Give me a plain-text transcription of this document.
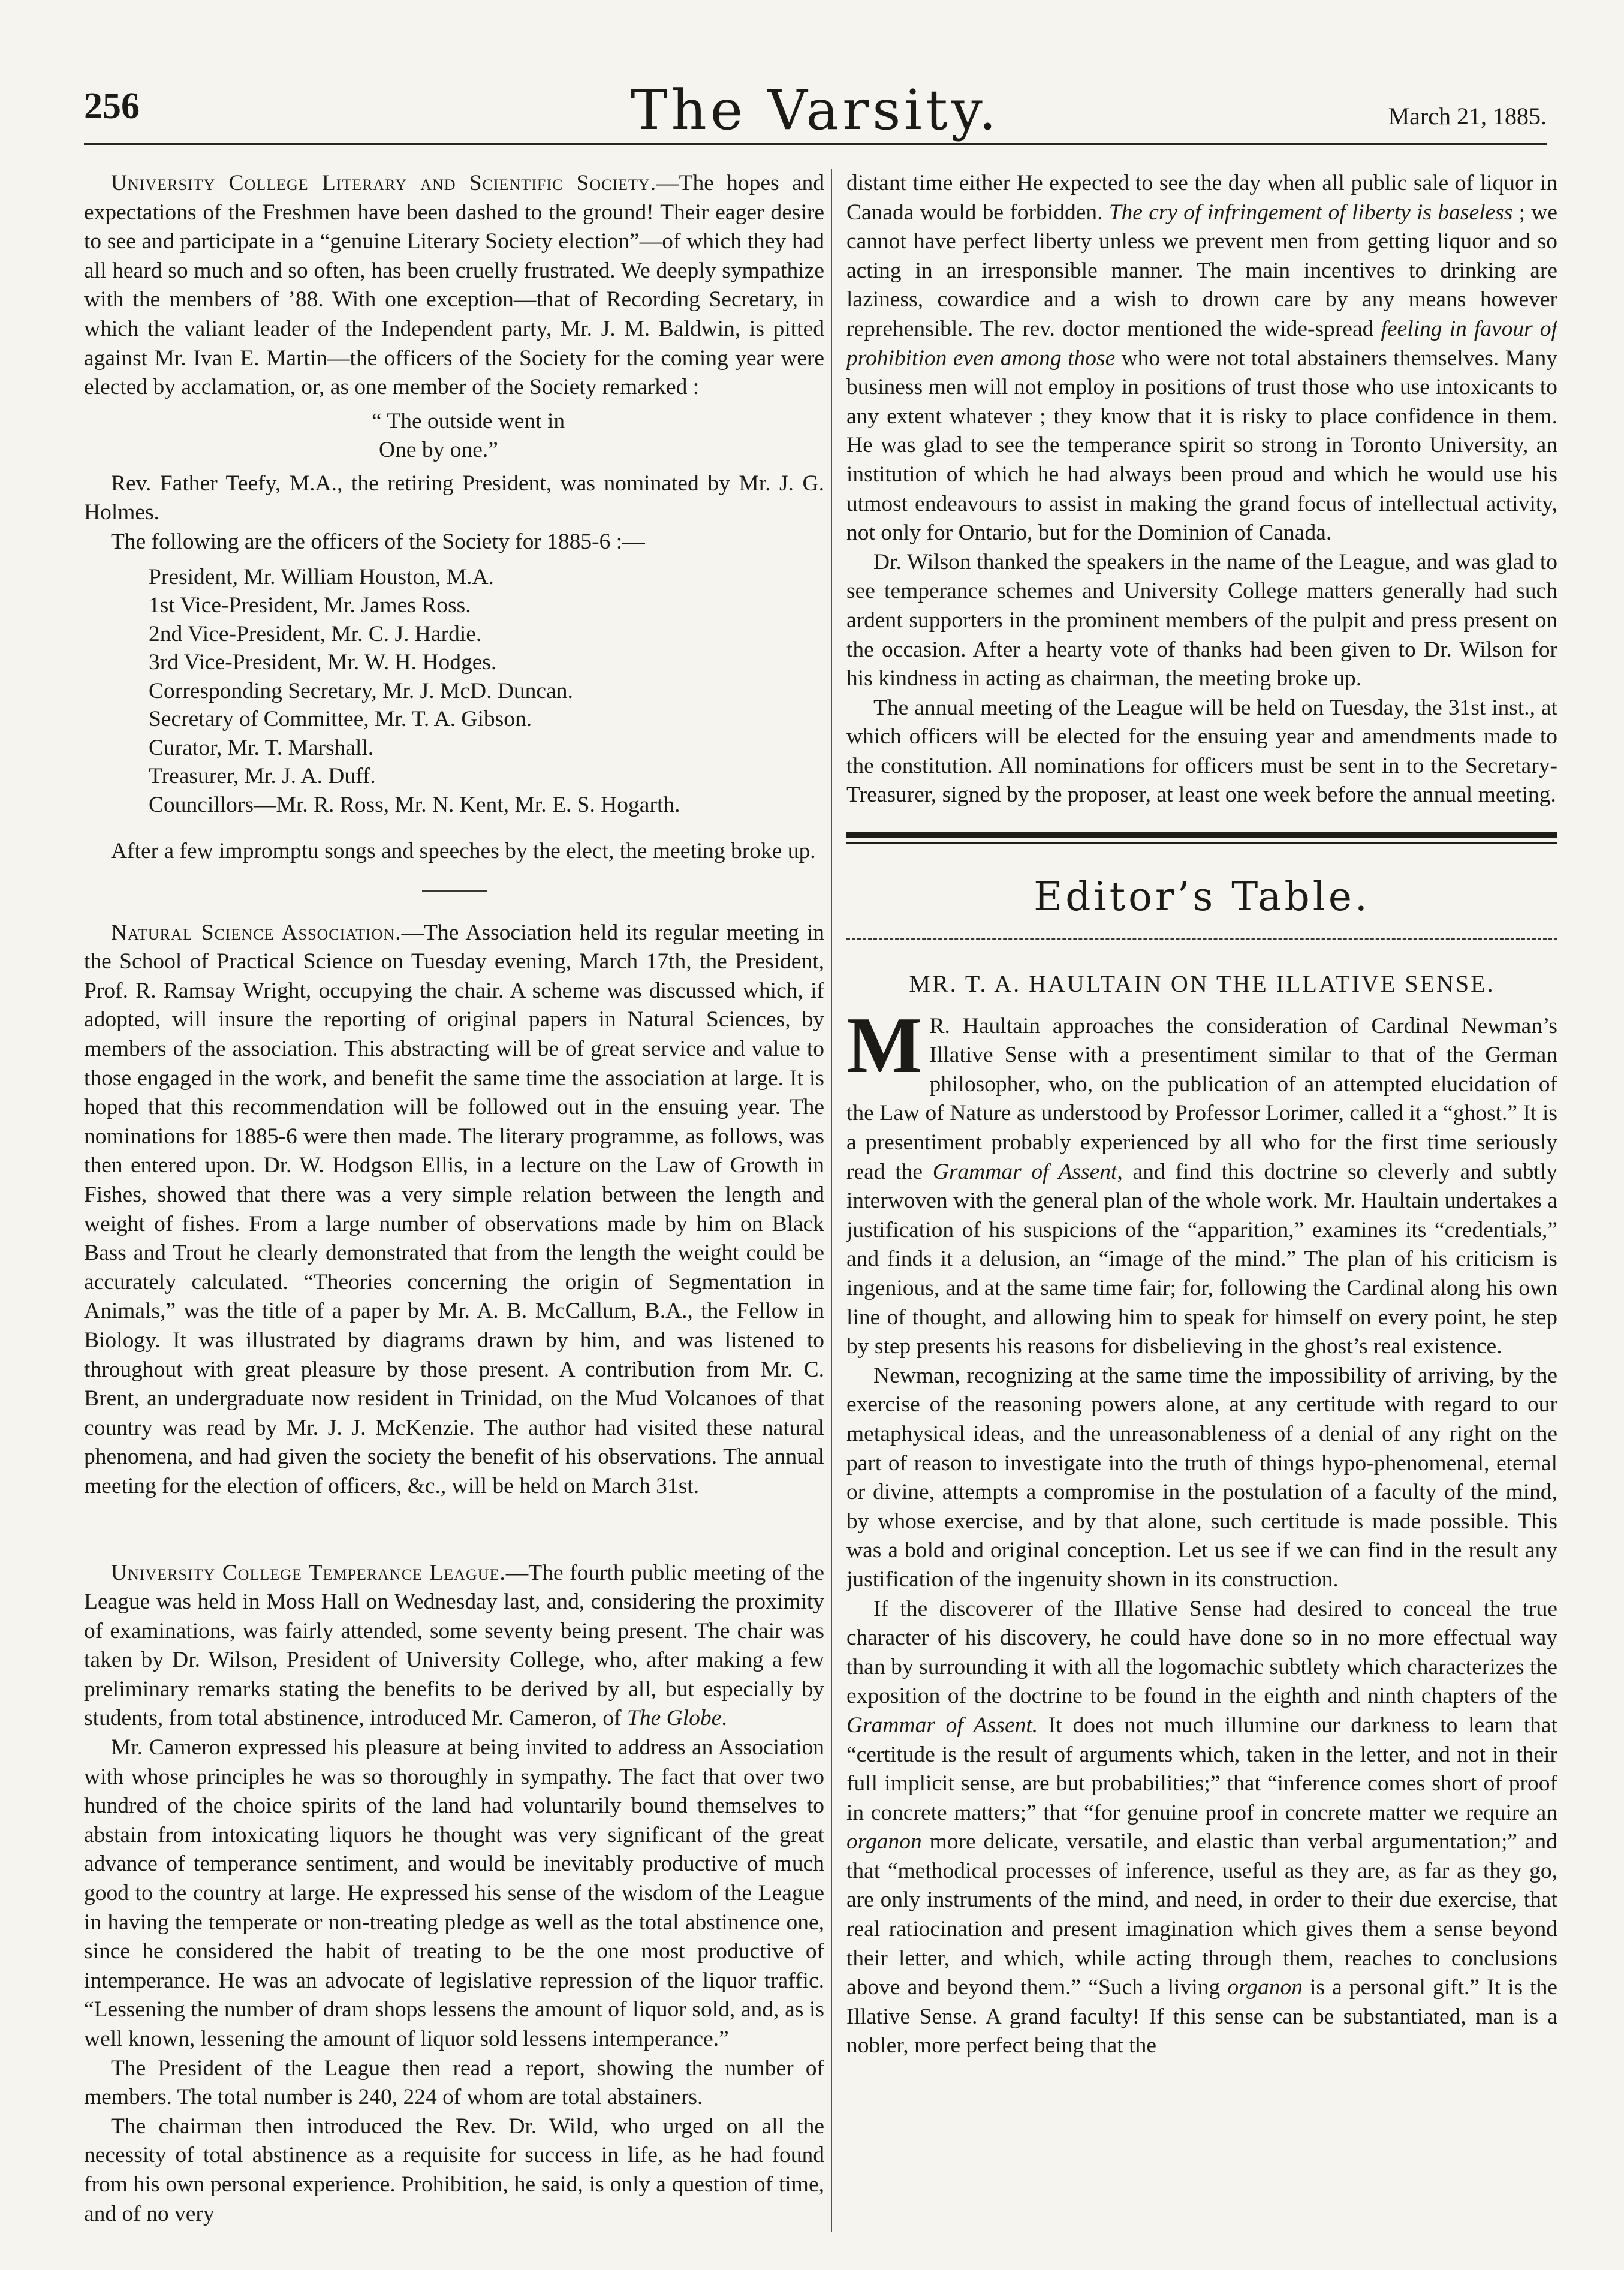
256	The Varsity.	March 21, 1885.

University College Literary and Scientific Society.—The hopes and expectations of the Freshmen have been dashed to the ground! Their eager desire to see and participate in a “genuine Literary Society election”—of which they had all heard so much and so often, has been cruelly frustrated. We deeply sympathize with the members of ’88. With one exception—that of Recording Secretary, in which the valiant leader of the Independent party, Mr. J. M. Baldwin, is pitted against Mr. Ivan E. Martin—the officers of the Society for the coming year were elected by acclamation, or, as one member of the Society remarked :

“ The outside went in
One by one.”

Rev. Father Teefy, M.A., the retiring President, was nominated by Mr. J. G. Holmes.

The following are the officers of the Society for 1885-6 :—

President, Mr. William Houston, M.A.
1st Vice-President, Mr. James Ross.
2nd Vice-President, Mr. C. J. Hardie.
3rd Vice-President, Mr. W. H. Hodges.
Corresponding Secretary, Mr. J. McD. Duncan.
Secretary of Committee, Mr. T. A. Gibson.
Curator, Mr. T. Marshall.
Treasurer, Mr. J. A. Duff.
Councillors—Mr. R. Ross, Mr. N. Kent, Mr. E. S. Hogarth.

After a few impromptu songs and speeches by the elect, the meeting broke up.

Natural Science Association.—The Association held its regular meeting in the School of Practical Science on Tuesday evening, March 17th, the President, Prof. R. Ramsay Wright, occupying the chair. A scheme was discussed which, if adopted, will insure the reporting of original papers in Natural Sciences, by members of the association. This abstracting will be of great service and value to those engaged in the work, and benefit the same time the association at large. It is hoped that this recommendation will be followed out in the ensuing year. The nominations for 1885-6 were then made. The literary programme, as follows, was then entered upon. Dr. W. Hodgson Ellis, in a lecture on the Law of Growth in Fishes, showed that there was a very simple relation between the length and weight of fishes. From a large number of observations made by him on Black Bass and Trout he clearly demonstrated that from the length the weight could be accurately calculated. “Theories concerning the origin of Segmentation in Animals,” was the title of a paper by Mr. A. B. McCallum, B.A., the Fellow in Biology. It was illustrated by diagrams drawn by him, and was listened to throughout with great pleasure by those present. A contribution from Mr. C. Brent, an undergraduate now resident in Trinidad, on the Mud Volcanoes of that country was read by Mr. J. J. McKenzie. The author had visited these natural phenomena, and had given the society the benefit of his observations. The annual meeting for the election of officers, &c., will be held on March 31st.

University College Temperance League.—The fourth public meeting of the League was held in Moss Hall on Wednesday last, and, considering the proximity of examinations, was fairly attended, some seventy being present. The chair was taken by Dr. Wilson, President of University College, who, after making a few preliminary remarks stating the benefits to be derived by all, but especially by students, from total abstinence, introduced Mr. Cameron, of The Globe.

Mr. Cameron expressed his pleasure at being invited to address an Association with whose principles he was so thoroughly in sympathy. The fact that over two hundred of the choice spirits of the land had voluntarily bound themselves to abstain from intoxicating liquors he thought was very significant of the great advance of temperance sentiment, and would be inevitably productive of much good to the country at large. He expressed his sense of the wisdom of the League in having the temperate or non-treating pledge as well as the total abstinence one, since he considered the habit of treating to be the one most productive of intemperance. He was an advocate of legislative repression of the liquor traffic. “Lessening the number of dram shops lessens the amount of liquor sold, and, as is well known, lessening the amount of liquor sold lessens intemperance.”

The President of the League then read a report, showing the number of members. The total number is 240, 224 of whom are total abstainers.

The chairman then introduced the Rev. Dr. Wild, who urged on all the necessity of total abstinence as a requisite for success in life, as he had found from his own personal experience. Prohibition, he said, is only a question of time, and of no very

distant time either He expected to see the day when all public sale of liquor in Canada would be forbidden. The cry of infringement of liberty is baseless ; we cannot have perfect liberty unless we prevent men from getting liquor and so acting in an irresponsible manner. The main incentives to drinking are laziness, cowardice and a wish to drown care by any means however reprehensible. The rev. doctor mentioned the wide-spread feeling in favour of prohibition even among those who were not total abstainers themselves. Many business men will not employ in positions of trust those who use intoxicants to any extent whatever ; they know that it is risky to place confidence in them. He was glad to see the temperance spirit so strong in Toronto University, an institution of which he had always been proud and which he would use his utmost endeavours to assist in making the grand focus of intellectual activity, not only for Ontario, but for the Dominion of Canada.

Dr. Wilson thanked the speakers in the name of the League, and was glad to see temperance schemes and University College matters generally had such ardent supporters in the prominent members of the pulpit and press present on the occasion. After a hearty vote of thanks had been given to Dr. Wilson for his kindness in acting as chairman, the meeting broke up.

The annual meeting of the League will be held on Tuesday, the 31st inst., at which officers will be elected for the ensuing year and amendments made to the constitution. All nominations for officers must be sent in to the Secretary-Treasurer, signed by the proposer, at least one week before the annual meeting.

Editor’s Table.
MR. T. A. HAULTAIN ON THE ILLATIVE SENSE.

M R. Haultain approaches the consideration of Cardinal Newman’s Illative Sense with a presentiment similar to that of the German philosopher, who, on the publication of an attempted elucidation of the Law of Nature as understood by Professor Lorimer, called it a “ghost.” It is a presentiment probably experienced by all who for the first time seriously read the Grammar of Assent, and find this doctrine so cleverly and subtly interwoven with the general plan of the whole work. Mr. Haultain undertakes a justification of his suspicions of the “apparition,” examines its “credentials,” and finds it a delusion, an “image of the mind.” The plan of his criticism is ingenious, and at the same time fair; for, following the Cardinal along his own line of thought, and allowing him to speak for himself on every point, he step by step presents his reasons for disbelieving in the ghost’s real existence.

Newman, recognizing at the same time the impossibility of arriving, by the exercise of the reasoning powers alone, at any certitude with regard to our metaphysical ideas, and the unreasonableness of a denial of any right on the part of reason to investigate into the truth of things hypo-phenomenal, eternal or divine, attempts a compromise in the postulation of a faculty of the mind, by whose exercise, and by that alone, such certitude is made possible. This was a bold and original conception. Let us see if we can find in the result any justification of the ingenuity shown in its construction.

If the discoverer of the Illative Sense had desired to conceal the true character of his discovery, he could have done so in no more effectual way than by surrounding it with all the logomachic subtlety which characterizes the exposition of the doctrine to be found in the eighth and ninth chapters of the Grammar of Assent. It does not much illumine our darkness to learn that “certitude is the result of arguments which, taken in the letter, and not in their full implicit sense, are but probabilities;” that “inference comes short of proof in concrete matters;” that “for genuine proof in concrete matter we require an organon more delicate, versatile, and elastic than verbal argumentation;” and that “methodical processes of inference, useful as they are, as far as they go, are only instruments of the mind, and need, in order to their due exercise, that real ratiocination and present imagination which gives them a sense beyond their letter, and which, while acting through them, reaches to conclusions above and beyond them.” “Such a living organon is a personal gift.” It is the Illative Sense. A grand faculty! If this sense can be substantiated, man is a nobler, more perfect being that the
